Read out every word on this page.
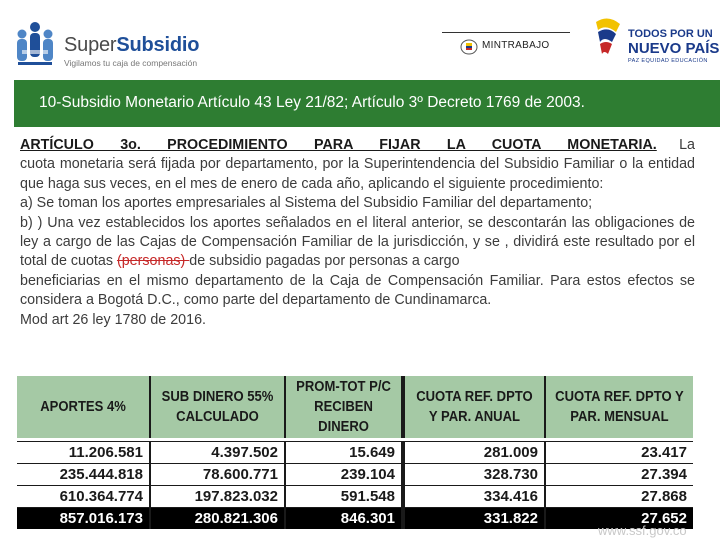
SuperSubsidio
Vigilamos tu caja de compensación
MINTRABAJO
TODOS POR UN
NUEVO PAÍS
PAZ EQUIDAD EDUCACIÓN
10-Subsidio Monetario Artículo 43 Ley 21/82; Artículo 3º Decreto 1769 de 2003.

ARTÍCULO 3o. PROCEDIMIENTO PARA FIJAR LA CUOTA MONETARIA. La

cuota monetaria será fijada por departamento, por la Superintendencia del Subsidio Familiar o la entidad que haga sus veces, en el mes de enero de cada año, aplicando el siguiente procedimiento:

a) Se toman los aportes empresariales al Sistema del Subsidio Familiar del departamento;

b) ) Una vez establecidos los aportes señalados en el literal anterior, se descontarán las obligaciones de ley a cargo de las Cajas de Compensación Familiar de la jurisdicción, y se , dividirá este resultado por el total de cuotas (personas) de subsidio pagadas por personas a cargo

beneficiarias en el mismo departamento de la Caja de Compensación Familiar. Para estos efectos se considera a Bogotá D.C., como parte del departamento de Cundinamarca.

Mod art 26 ley 1780 de 2016.

APORTES 4%	SUB DINERO 55% CALCULADO	PROM-TOT P/C RECIBEN DINERO	CUOTA REF. DPTO Y PAR. ANUAL	CUOTA REF. DPTO Y PAR. MENSUAL

11.206.581	4.397.502	15.649	281.009	23.417
235.444.818	78.600.771	239.104	328.730	27.394
610.364.774	197.823.032	591.548	334.416	27.868
857.016.173	280.821.306	846.301	331.822	27.652
www.ssf.gov.co
